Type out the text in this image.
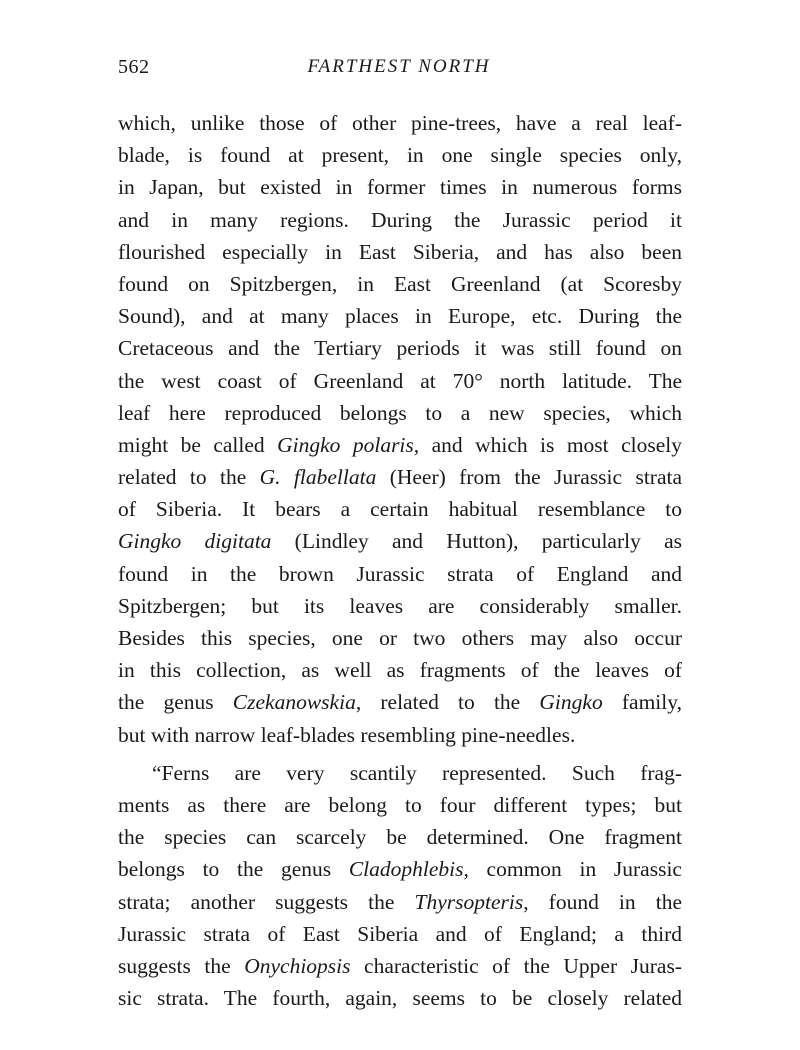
562	FARTHEST NORTH
which, unlike those of other pine-trees, have a real leaf-
blade, is found at present, in one single species only,
in Japan, but existed in former times in numerous forms
and in many regions. During the Jurassic period it
flourished especially in East Siberia, and has also been
found on Spitzbergen, in East Greenland (at Scoresby
Sound), and at many places in Europe, etc. During the
Cretaceous and the Tertiary periods it was still found on
the west coast of Greenland at 70° north latitude. The
leaf here reproduced belongs to a new species, which
might be called Gingko polaris, and which is most closely
related to the G. flabellata (Heer) from the Jurassic strata
of Siberia. It bears a certain habitual resemblance to
Gingko digitata (Lindley and Hutton), particularly as
found in the brown Jurassic strata of England and
Spitzbergen; but its leaves are considerably smaller.
Besides this species, one or two others may also occur
in this collection, as well as fragments of the leaves of
the genus Czekanowskia, related to the Gingko family,
but with narrow leaf-blades resembling pine-needles.
“Ferns are very scantily represented. Such frag-
ments as there are belong to four different types; but
the species can scarcely be determined. One fragment
belongs to the genus Cladophlebis, common in Jurassic
strata; another suggests the Thyrsopteris, found in the
Jurassic strata of East Siberia and of England; a third
suggests the Onychiopsis characteristic of the Upper Juras-
sic strata. The fourth, again, seems to be closely related
